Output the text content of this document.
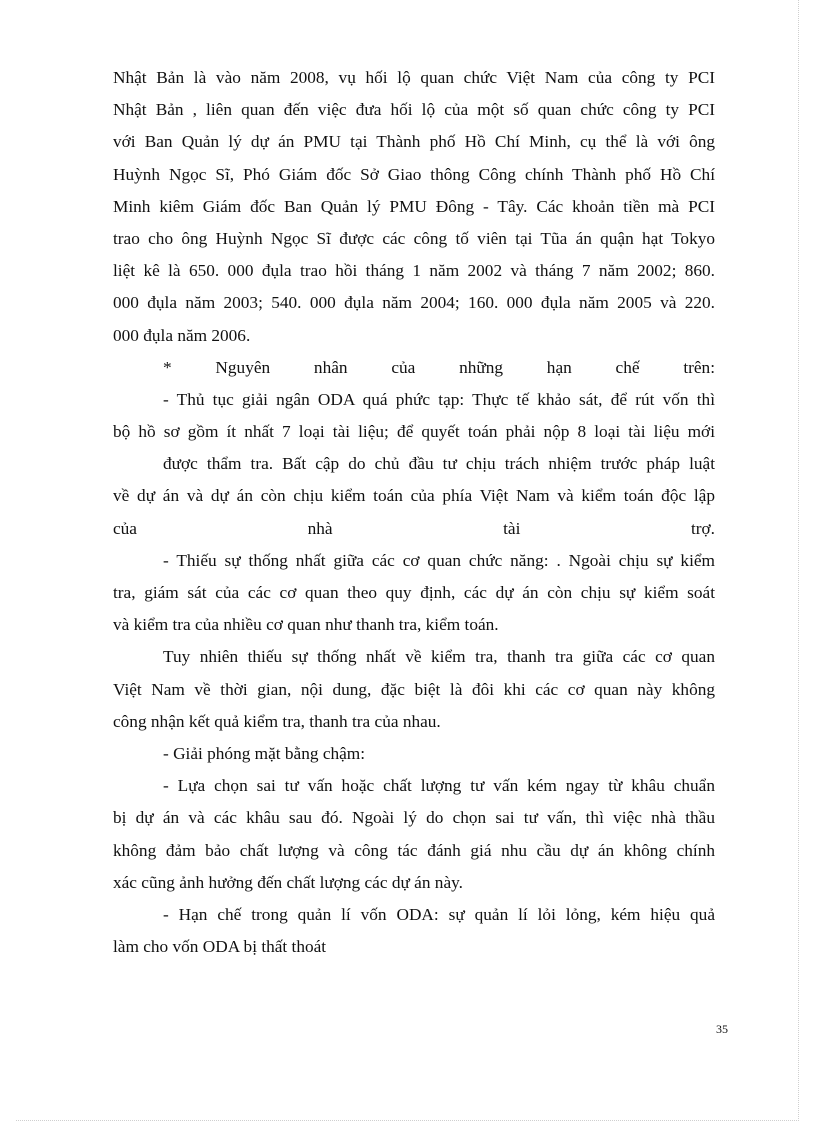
Nhật Bản là vào năm 2008, vụ hối lộ quan chức Việt Nam của công ty PCI
Nhật Bản , liên quan đến việc đưa hối lộ của một số quan chức công ty PCI
với Ban Quản lý dự án PMU tại Thành phố Hồ Chí Minh, cụ thể là với ông
Huỳnh Ngọc Sĩ, Phó Giám đốc Sở Giao thông Công chính Thành phố Hồ Chí
Minh kiêm Giám đốc Ban Quản lý PMU Đông - Tây. Các khoản tiền mà PCI
trao cho ông Huỳnh Ngọc Sĩ được các công tố viên tại Tũa án quận hạt Tokyo
liệt kê là 650. 000 đụla trao hồi tháng 1 năm 2002 và tháng 7 năm 2002; 860.
000 đụla năm 2003; 540. 000 đụla năm 2004; 160. 000 đụla năm 2005 và 220.
000 đụla năm 2006.
* Nguyên nhân của những hạn chế trên:
- Thủ tục giải ngân ODA quá phức tạp: Thực tế khảo sát, để rút vốn thì
bộ hồ sơ gồm ít nhất 7 loại tài liệu; để quyết toán phải nộp 8 loại tài liệu mới
được thẩm tra. Bất cập do chủ đầu tư chịu trách nhiệm trước pháp luật
về dự án và dự án còn chịu kiểm toán của phía Việt Nam và kiểm toán độc lập
của nhà tài trợ.
- Thiếu sự thống nhất giữa các cơ quan chức năng: . Ngoài chịu sự kiểm
tra, giám sát của các cơ quan theo quy định, các dự án còn chịu sự kiểm soát
và kiểm tra của nhiều cơ quan như thanh tra, kiểm toán.
Tuy nhiên thiếu sự thống nhất về kiểm tra, thanh tra giữa các cơ quan
Việt Nam về thời gian, nội dung, đặc biệt là đôi khi các cơ quan này không
công nhận kết quả kiểm tra, thanh tra của nhau.
- Giải phóng mặt bằng chậm:
- Lựa chọn sai tư vấn hoặc chất lượng tư vấn kém ngay từ khâu chuẩn
bị dự án và các khâu sau đó. Ngoài lý do chọn sai tư vấn, thì việc nhà thầu
không đảm bảo chất lượng và công tác đánh giá nhu cầu dự án không chính
xác cũng ảnh hưởng đến chất lượng các dự án này.
- Hạn chế trong quản lí vốn ODA: sự quản lí lỏi lỏng, kém hiệu quả
làm cho vốn ODA bị thất thoát
35
